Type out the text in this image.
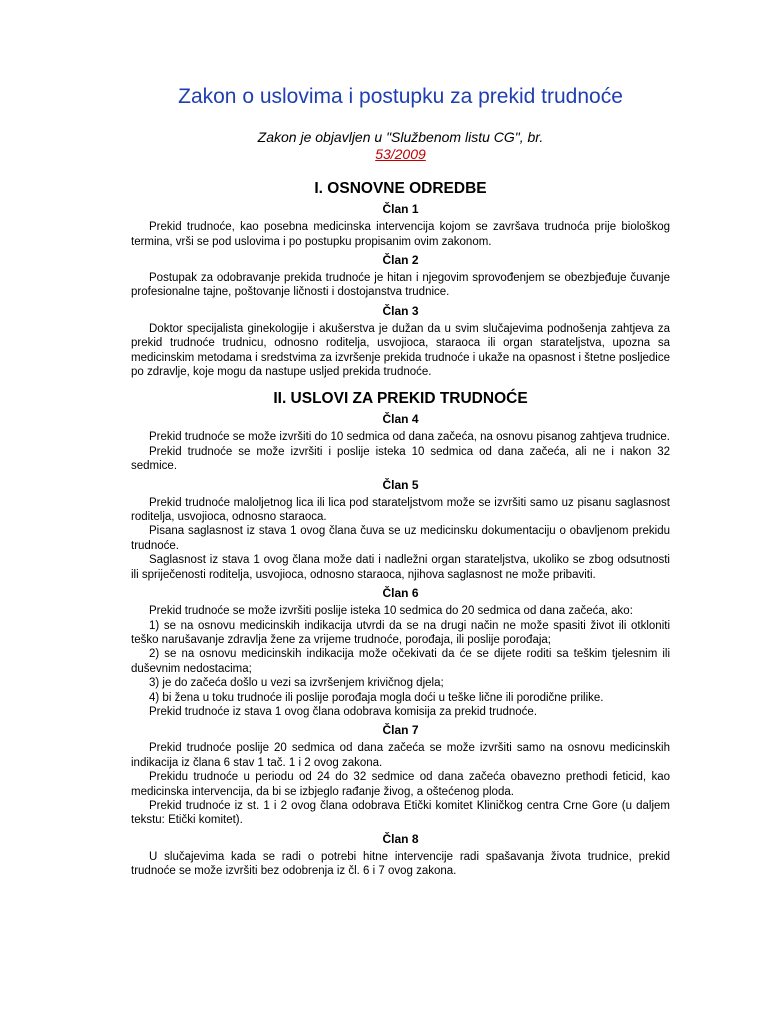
Zakon o uslovima i postupku za prekid trudnoće
Zakon je objavljen u "Službenom listu CG", br.
53/2009
I. OSNOVNE ODREDBE
Član 1

Prekid trudnoće, kao posebna medicinska intervencija kojom se završava trudnoća prije biološkog termina, vrši se pod uslovima i po postupku propisanim ovim zakonom.

Član 2

Postupak za odobravanje prekida trudnoće je hitan i njegovim sprovođenjem se obezbjeđuje čuvanje profesionalne tajne, poštovanje ličnosti i dostojanstva trudnice.

Član 3

Doktor specijalista ginekologije i akušerstva je dužan da u svim slučajevima podnošenja zahtjeva za prekid trudnoće trudnicu, odnosno roditelja, usvojioca, staraoca ili organ starateljstva, upozna sa medicinskim metodama i sredstvima za izvršenje prekida trudnoće i ukaže na opasnost i štetne posljedice po zdravlje, koje mogu da nastupe usljed prekida trudnoće.

II. USLOVI ZA PREKID TRUDNOĆE
Član 4

Prekid trudnoće se može izvršiti do 10 sedmica od dana začeća, na osnovu pisanog zahtjeva trudnice.

Prekid trudnoće se može izvršiti i poslije isteka 10 sedmica od dana začeća, ali ne i nakon 32 sedmice.

Član 5

Prekid trudnoće maloljetnog lica ili lica pod starateljstvom može se izvršiti samo uz pisanu saglasnost roditelja, usvojioca, odnosno staraoca.

Pisana saglasnost iz stava 1 ovog člana čuva se uz medicinsku dokumentaciju o obavljenom prekidu trudnoće.

Saglasnost iz stava 1 ovog člana može dati i nadležni organ starateljstva, ukoliko se zbog odsutnosti ili spriječenosti roditelja, usvojioca, odnosno staraoca, njihova saglasnost ne može pribaviti.

Član 6

Prekid trudnoće se može izvršiti poslije isteka 10 sedmica do 20 sedmica od dana začeća, ako:

1) se na osnovu medicinskih indikacija utvrdi da se na drugi način ne može spasiti život ili otkloniti teško narušavanje zdravlja žene za vrijeme trudnoće, porođaja, ili poslije porođaja;

2) se na osnovu medicinskih indikacija može očekivati da će se dijete roditi sa teškim tjelesnim ili duševnim nedostacima;

3) je do začeća došlo u vezi sa izvršenjem krivičnog djela;

4) bi žena u toku trudnoće ili poslije porođaja mogla doći u teške lične ili porodične prilike.

Prekid trudnoće iz stava 1 ovog člana odobrava komisija za prekid trudnoće.

Član 7

Prekid trudnoće poslije 20 sedmica od dana začeća se može izvršiti samo na osnovu medicinskih indikacija iz člana 6 stav 1 tač. 1 i 2 ovog zakona.

Prekidu trudnoće u periodu od 24 do 32 sedmice od dana začeća obavezno prethodi feticid, kao medicinska intervencija, da bi se izbjeglo rađanje živog, a oštećenog ploda.

Prekid trudnoće iz st. 1 i 2 ovog člana odobrava Etički komitet Kliničkog centra Crne Gore (u daljem tekstu: Etički komitet).

Član 8

U slučajevima kada se radi o potrebi hitne intervencije radi spašavanja života trudnice, prekid trudnoće se može izvršiti bez odobrenja iz čl. 6 i 7 ovog zakona.
